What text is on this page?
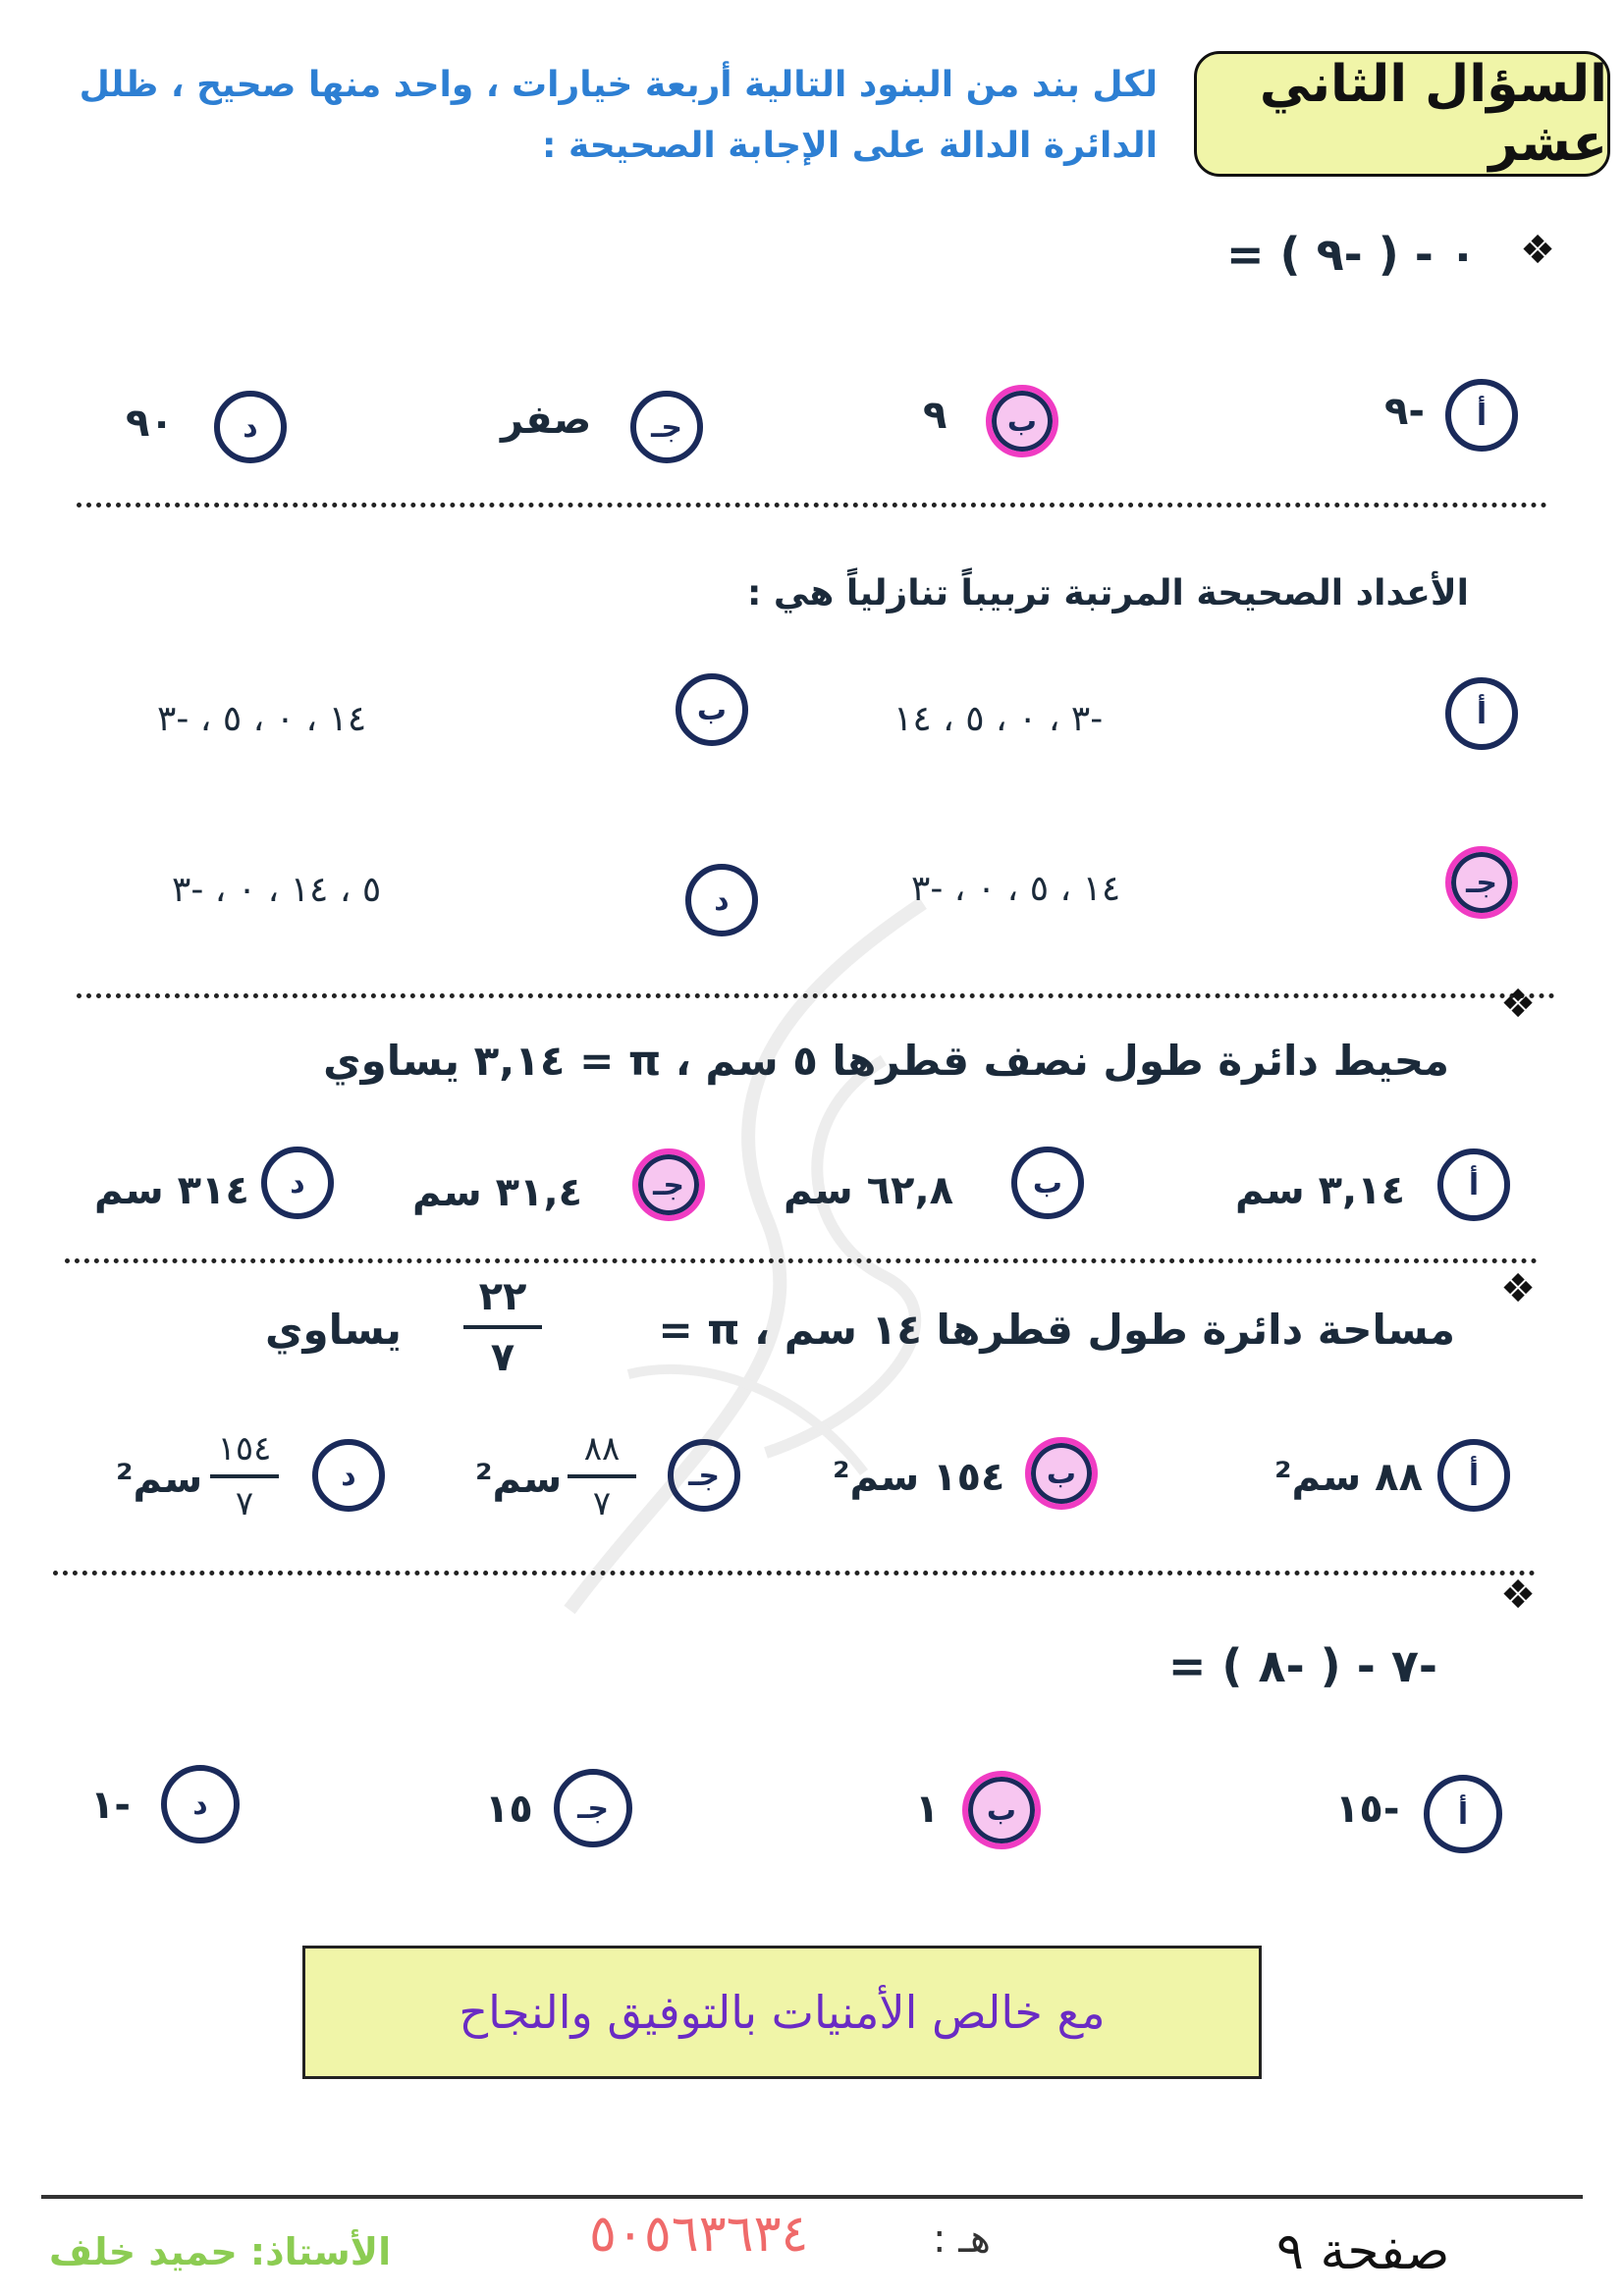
السؤال الثاني عشر
لكل بند من البنود التالية أربعة خيارات ، واحد منها صحيح ، ظلل
الدائرة الدالة على الإجابة الصحيحة :
❖
٠ - ( -٩ ) =
أ
-٩
ب
٩
جـ
صفر
د
٩٠
الأعداد الصحيحة المرتبة تربيباً تنازلياً هي :
أ
-٣ ، ٠ ، ٥ ، ١٤
ب
١٤ ، ٠ ، ٥ ، -٣
جـ
١٤ ، ٥ ، ٠ ، -٣
د
٥ ، ١٤ ، ٠ ، -٣
❖
محيط دائرة طول نصف قطرها ٥ سم ، π = ٣,١٤ يساوي
أ
٣,١٤ سم
ب
٦٢,٨ سم
جـ
٣١,٤ سم
د
٣١٤ سم
❖
مساحة دائرة طول قطرها ١٤ سم ، π =
٢٢
٧
يساوي
أ
٨٨ سم²
ب
١٥٤ سم²
جـ
٨٨
٧
سم²
د
١٥٤
٧
سم²
❖
-٧ - ( -٨ ) =
أ
-١٥
ب
١
جـ
١٥
د
-١
مع خالص الأمنيات بالتوفيق والنجاح
صفحة ٩
هـ :
٥٠٥٦٣٦٣٤
الأستاذ: حميد خلف
